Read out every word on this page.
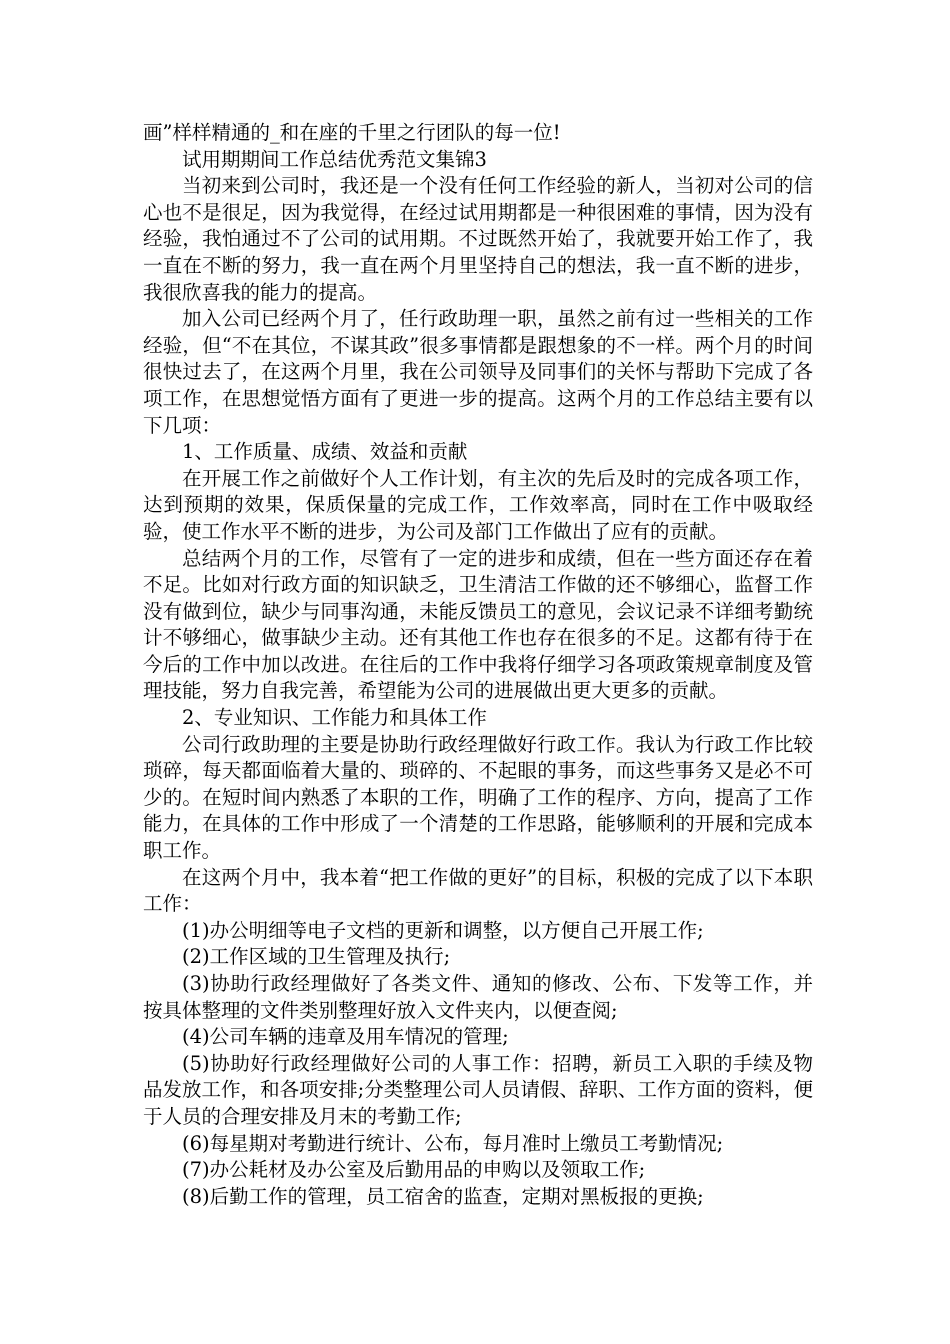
画”样样精通的_和在座的千里之行团队的每一位!

试用期期间工作总结优秀范文集锦3

当初来到公司时，我还是一个没有任何工作经验的新人，当初对公司的信心也不是很足，因为我觉得，在经过试用期都是一种很困难的事情，因为没有经验，我怕通过不了公司的试用期。不过既然开始了，我就要开始工作了，我一直在不断的努力，我一直在两个月里坚持自己的想法，我一直不断的进步，我很欣喜我的能力的提高。

加入公司已经两个月了，任行政助理一职，虽然之前有过一些相关的工作经验，但“不在其位，不谋其政”很多事情都是跟想象的不一样。两个月的时间很快过去了，在这两个月里，我在公司领导及同事们的关怀与帮助下完成了各项工作，在思想觉悟方面有了更进一步的提高。这两个月的工作总结主要有以下几项：

1、工作质量、成绩、效益和贡献

在开展工作之前做好个人工作计划，有主次的先后及时的完成各项工作，达到预期的效果，保质保量的完成工作，工作效率高，同时在工作中吸取经验，使工作水平不断的进步，为公司及部门工作做出了应有的贡献。

总结两个月的工作，尽管有了一定的进步和成绩，但在一些方面还存在着不足。比如对行政方面的知识缺乏，卫生清洁工作做的还不够细心，监督工作没有做到位，缺少与同事沟通，未能反馈员工的意见，会议记录不详细考勤统计不够细心，做事缺少主动。还有其他工作也存在很多的不足。这都有待于在今后的工作中加以改进。在往后的工作中我将仔细学习各项政策规章制度及管理技能，努力自我完善，希望能为公司的进展做出更大更多的贡献。

2、专业知识、工作能力和具体工作

公司行政助理的主要是协助行政经理做好行政工作。我认为行政工作比较琐碎，每天都面临着大量的、琐碎的、不起眼的事务，而这些事务又是必不可少的。在短时间内熟悉了本职的工作，明确了工作的程序、方向，提高了工作能力，在具体的工作中形成了一个清楚的工作思路，能够顺利的开展和完成本职工作。

在这两个月中，我本着“把工作做的更好”的目标，积极的完成了以下本职工作：

(1)办公明细等电子文档的更新和调整，以方便自己开展工作;

(2)工作区域的卫生管理及执行;

(3)协助行政经理做好了各类文件、通知的修改、公布、下发等工作，并按具体整理的文件类别整理好放入文件夹内，以便查阅;

(4)公司车辆的违章及用车情况的管理;

(5)协助好行政经理做好公司的人事工作：招聘，新员工入职的手续及物品发放工作，和各项安排;分类整理公司人员请假、辞职、工作方面的资料，便于人员的合理安排及月末的考勤工作;

(6)每星期对考勤进行统计、公布，每月准时上缴员工考勤情况;

(7)办公耗材及办公室及后勤用品的申购以及领取工作;

(8)后勤工作的管理，员工宿舍的监查，定期对黑板报的更换;
